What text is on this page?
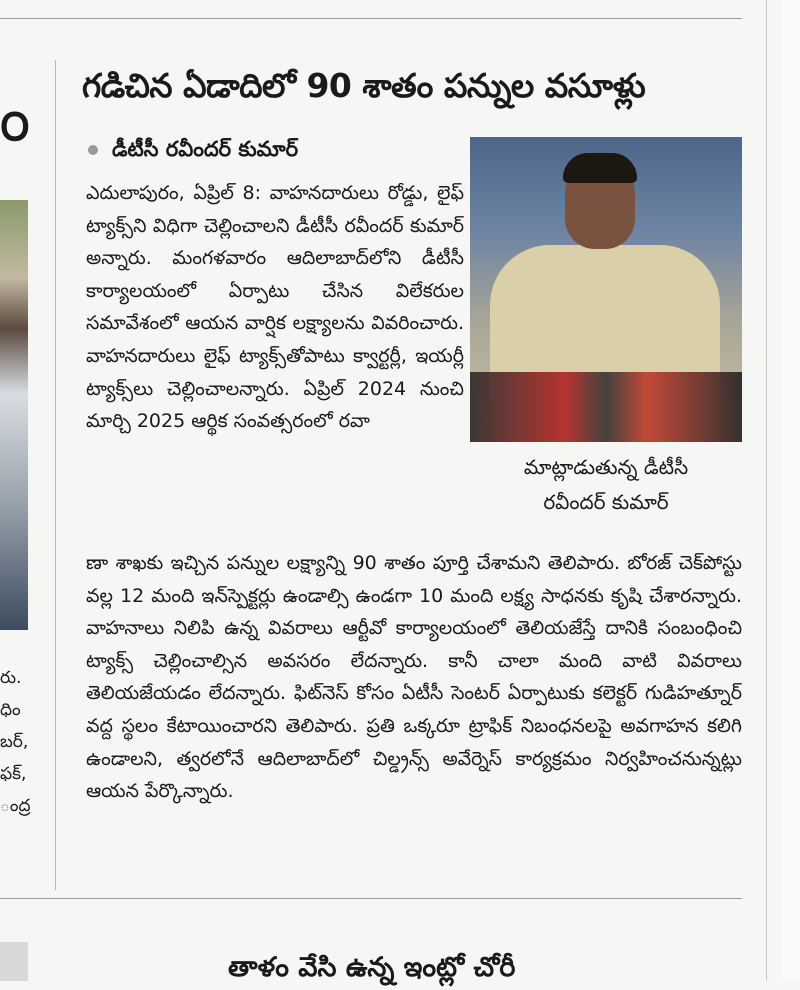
౦
రు.
ధిం
బర్,
ఫక్,
ంద్ర
గడిచిన ఏడాదిలో 90 శాతం పన్నుల వసూళ్లు
డీటీసీ రవీందర్ కుమార్
మాట్లాడుతున్న డీటీసీ
రవీందర్ కుమార్
ఎదులాపురం, ఏప్రిల్ 8: వాహనదారులు రోడ్డు, లైఫ్ ట్యాక్స్‌ని విధిగా చెల్లించాలని డీటీసీ రవీందర్ కుమార్ అన్నారు. మంగళవారం ఆదిలాబాద్‌లోని డీటీసీ కార్యాలయంలో ఏర్పాటు చేసిన విలేకరుల సమావేశంలో ఆయన వార్షిక లక్ష్యాలను వివరించారు. వాహనదారులు లైఫ్ ట్యాక్స్‌తోపాటు క్వార్టర్లీ, ఇయర్లీ ట్యాక్స్‌లు చెల్లించాలన్నారు. ఏప్రిల్ 2024 నుంచి మార్చి 2025 ఆర్థిక సంవత్సరంలో రవా
ణా శాఖకు ఇచ్చిన పన్నుల లక్ష్యాన్ని 90 శాతం పూర్తి చేశామని తెలిపారు. బోరజ్ చెక్‌పోస్టు వల్ల 12 మంది ఇన్‌స్పెక్టర్లు ఉండాల్సి ఉండగా 10 మంది లక్ష్య సాధనకు కృషి చేశారన్నారు. వాహనాలు నిలిపి ఉన్న వివరాలు ఆర్టీవో కార్యాలయంలో తెలియజేస్తే దానికి సంబంధించి ట్యాక్స్ చెల్లించాల్సిన అవసరం లేదన్నారు. కానీ చాలా మంది వాటి వివరాలు తెలియజేయడం లేదన్నారు. ఫిట్‌నెస్ కోసం ఏటీసీ సెంటర్ ఏర్పాటుకు కలెక్టర్ గుడిహత్నూర్ వద్ద స్థలం కేటాయించారని తెలిపారు. ప్రతి ఒక్కరూ ట్రాఫిక్ నిబంధనలపై అవగాహన కలిగి ఉండాలని, త్వరలోనే ఆదిలాబాద్‌లో చిల్డ్రన్స్ అవేర్నెస్ కార్యక్రమం నిర్వహించనున్నట్లు ఆయన పేర్కొన్నారు.
తాళం వేసి ఉన్న ఇంట్లో చోరీ
